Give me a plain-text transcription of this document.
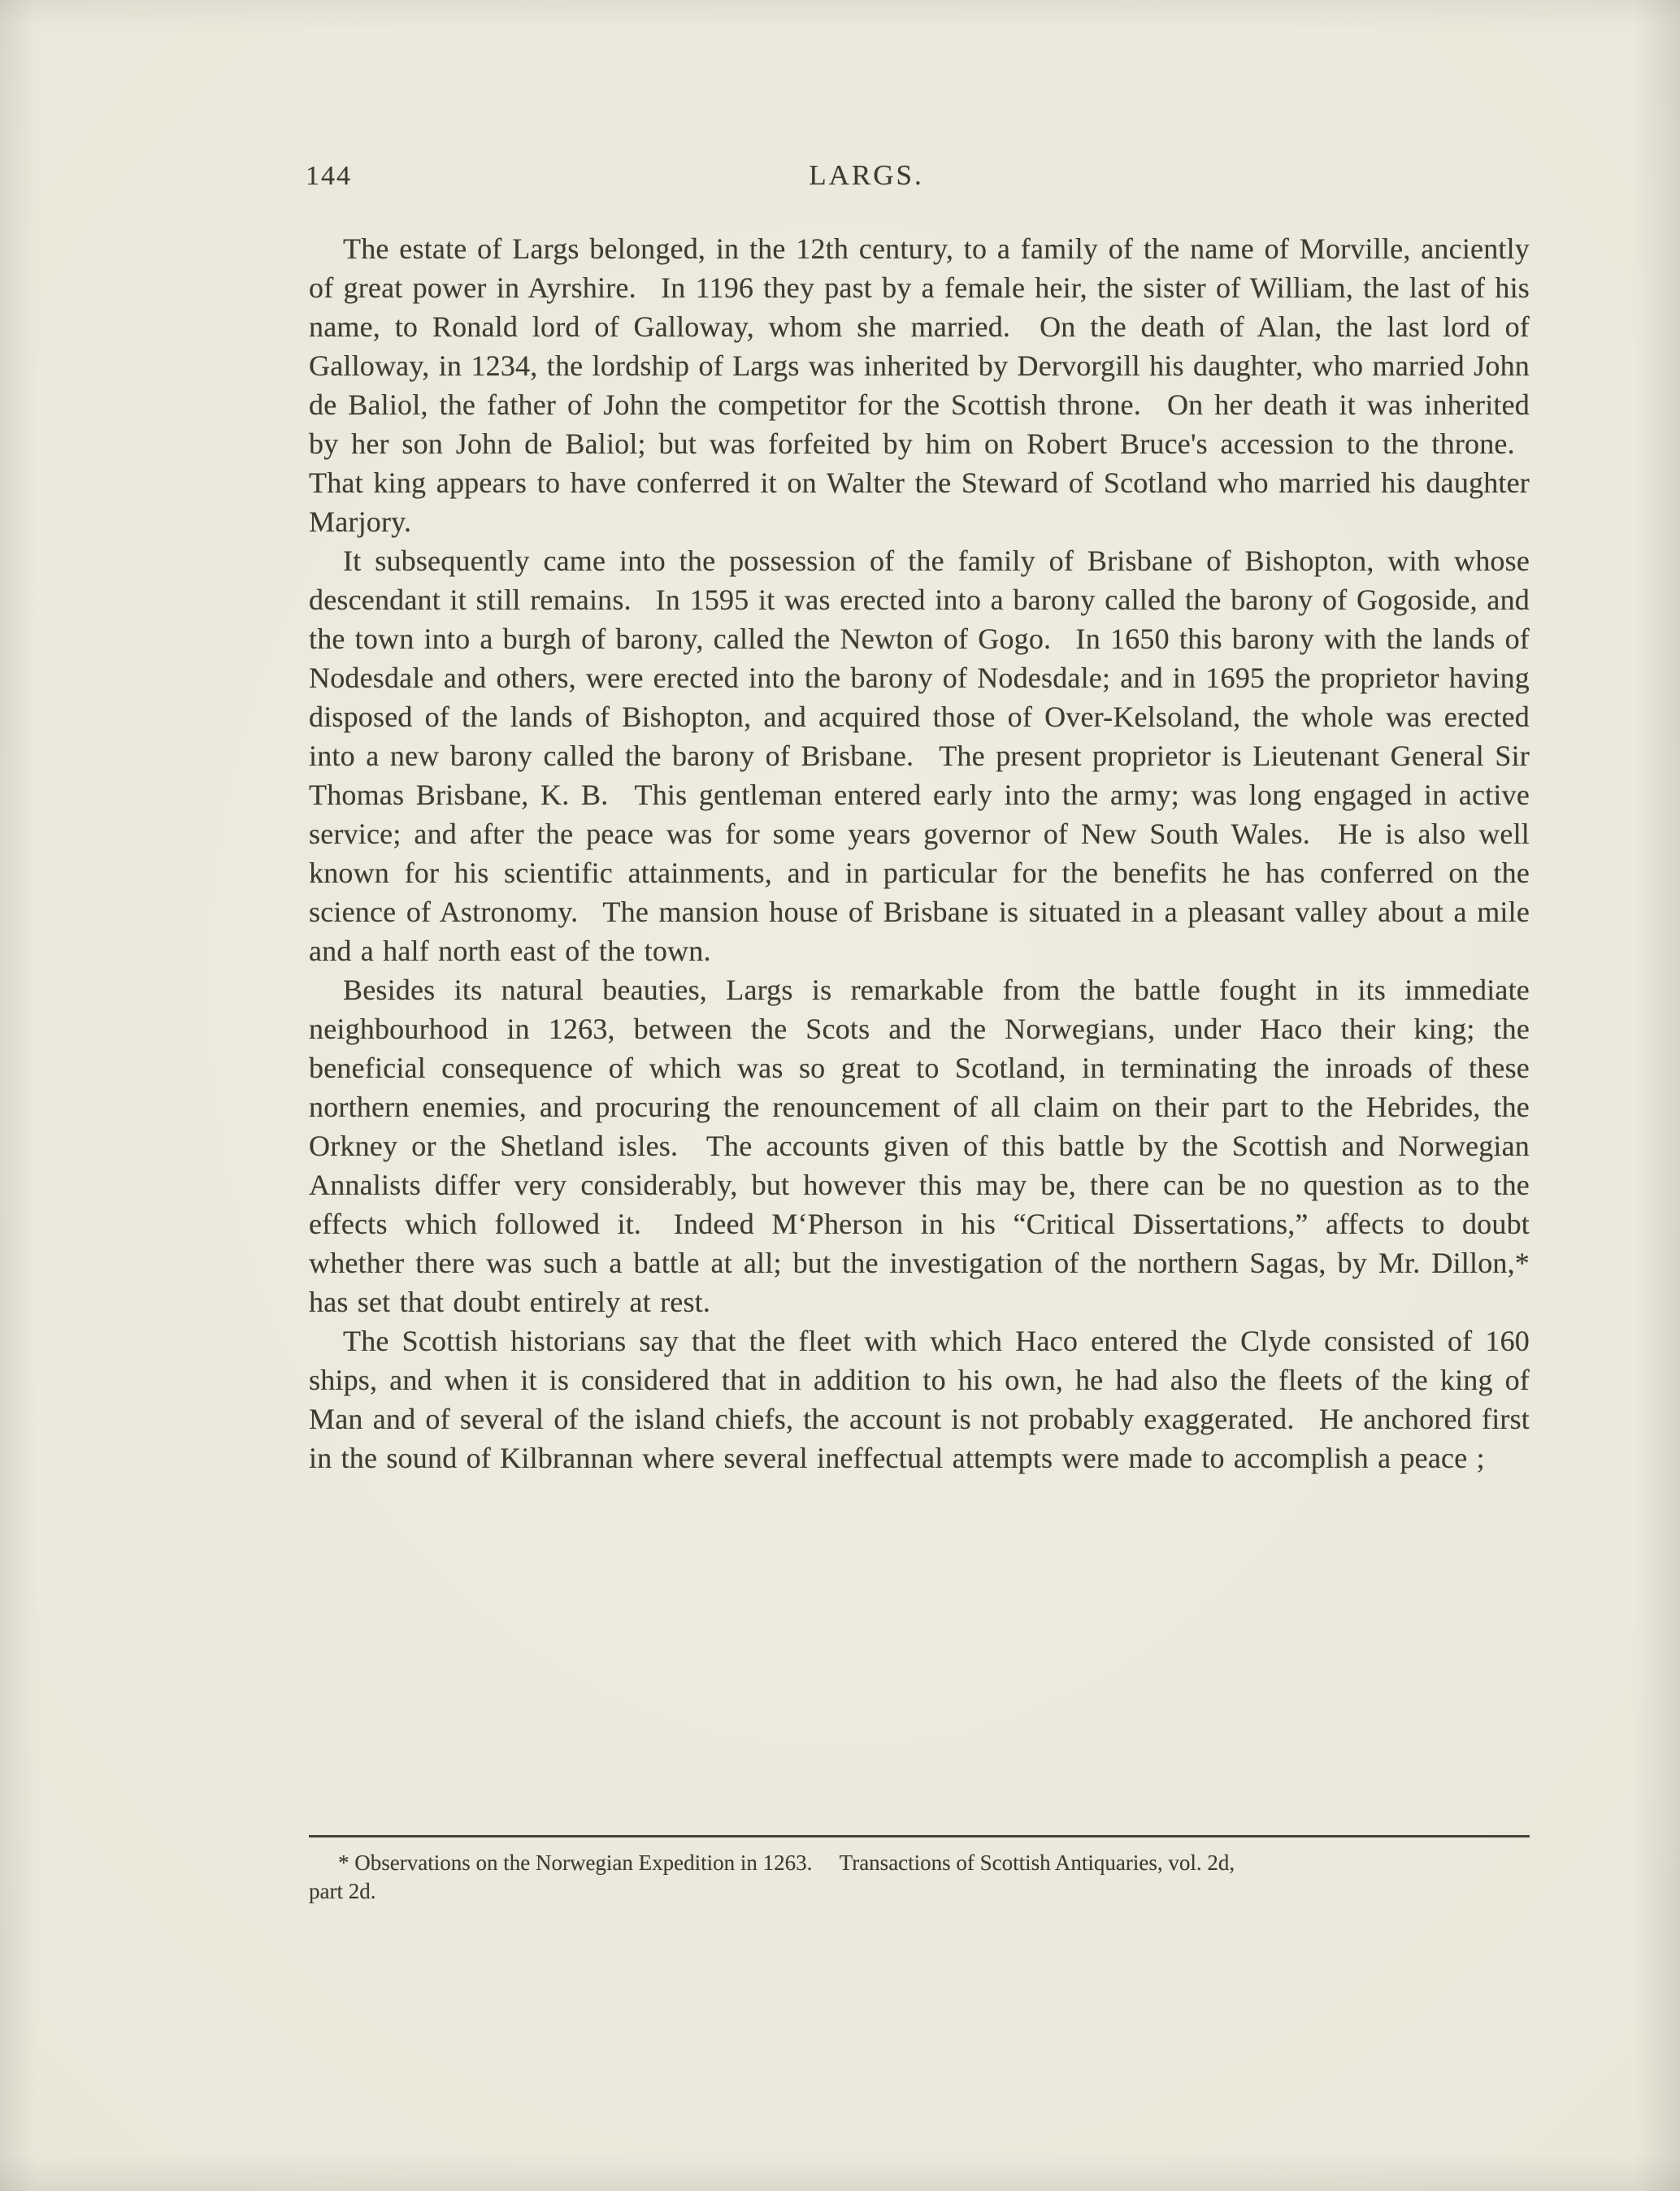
144	LARGS.

The estate of Largs belonged, in the 12th century, to a family of the name of Morville, anciently of great power in Ayrshire.  In 1196 they past by a female heir, the sister of William, the last of his name, to Ronald lord of Galloway, whom she married.  On the death of Alan, the last lord of Galloway, in 1234, the lordship of Largs was inherited by Dervorgill his daughter, who married John de Baliol, the father of John the competitor for the Scottish throne.  On her death it was inherited by her son John de Baliol; but was forfeited by him on Robert Bruce's accession to the throne.  That king appears to have conferred it on Walter the Steward of Scotland who married his daughter Marjory.

It subsequently came into the possession of the family of Brisbane of Bishopton, with whose descendant it still remains.  In 1595 it was erected into a barony called the barony of Gogoside, and the town into a burgh of barony, called the Newton of Gogo.  In 1650 this barony with the lands of Nodesdale and others, were erected into the barony of Nodesdale; and in 1695 the proprietor having disposed of the lands of Bishopton, and acquired those of Over-Kelsoland, the whole was erected into a new barony called the barony of Brisbane.  The present proprietor is Lieutenant General Sir Thomas Brisbane, K. B.  This gentleman entered early into the army; was long engaged in active service; and after the peace was for some years governor of New South Wales.  He is also well known for his scientific attainments, and in particular for the benefits he has conferred on the science of Astronomy.  The mansion house of Brisbane is situated in a pleasant valley about a mile and a half north east of the town.

Besides its natural beauties, Largs is remarkable from the battle fought in its immediate neighbourhood in 1263, between the Scots and the Norwegians, under Haco their king; the beneficial consequence of which was so great to Scotland, in terminating the inroads of these northern enemies, and procuring the renouncement of all claim on their part to the Hebrides, the Orkney or the Shetland isles.  The accounts given of this battle by the Scottish and Norwegian Annalists differ very considerably, but however this may be, there can be no question as to the effects which followed it.  Indeed M‘Pherson in his “Critical Dissertations,” affects to doubt whether there was such a battle at all; but the investigation of the northern Sagas, by Mr. Dillon,* has set that doubt entirely at rest.

The Scottish historians say that the fleet with which Haco entered the Clyde consisted of 160 ships, and when it is considered that in addition to his own, he had also the fleets of the king of Man and of several of the island chiefs, the account is not probably exaggerated.  He anchored first in the sound of Kilbrannan where several ineffectual attempts were made to accomplish a peace ;

* Observations on the Norwegian Expedition in 1263.  Transactions of Scottish Antiquaries, vol. 2d,
part 2d.
